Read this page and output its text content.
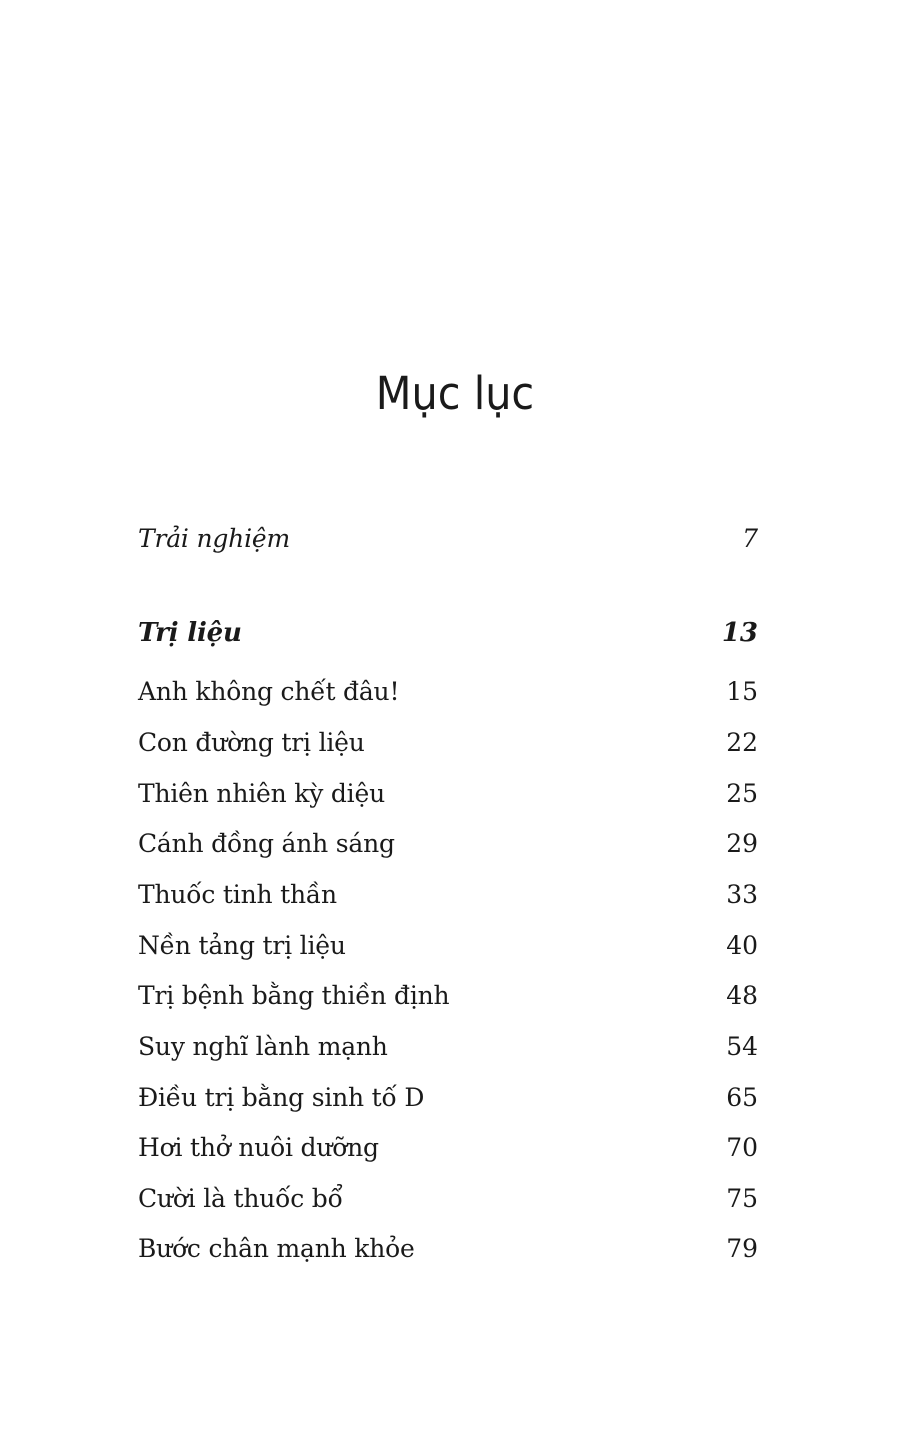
Mục lục
Trải nghiệm	7
Trị liệu	13
Anh không chết đâu!	15
Con đường trị liệu	22
Thiên nhiên kỳ diệu	25
Cánh đồng ánh sáng	29
Thuốc tinh thần	33
Nền tảng trị liệu	40
Trị bệnh bằng thiền định	48
Suy nghĩ lành mạnh	54
Điều trị bằng sinh tố D	65
Hơi thở nuôi dưỡng	70
Cười là thuốc bổ	75
Bước chân mạnh khỏe	79
